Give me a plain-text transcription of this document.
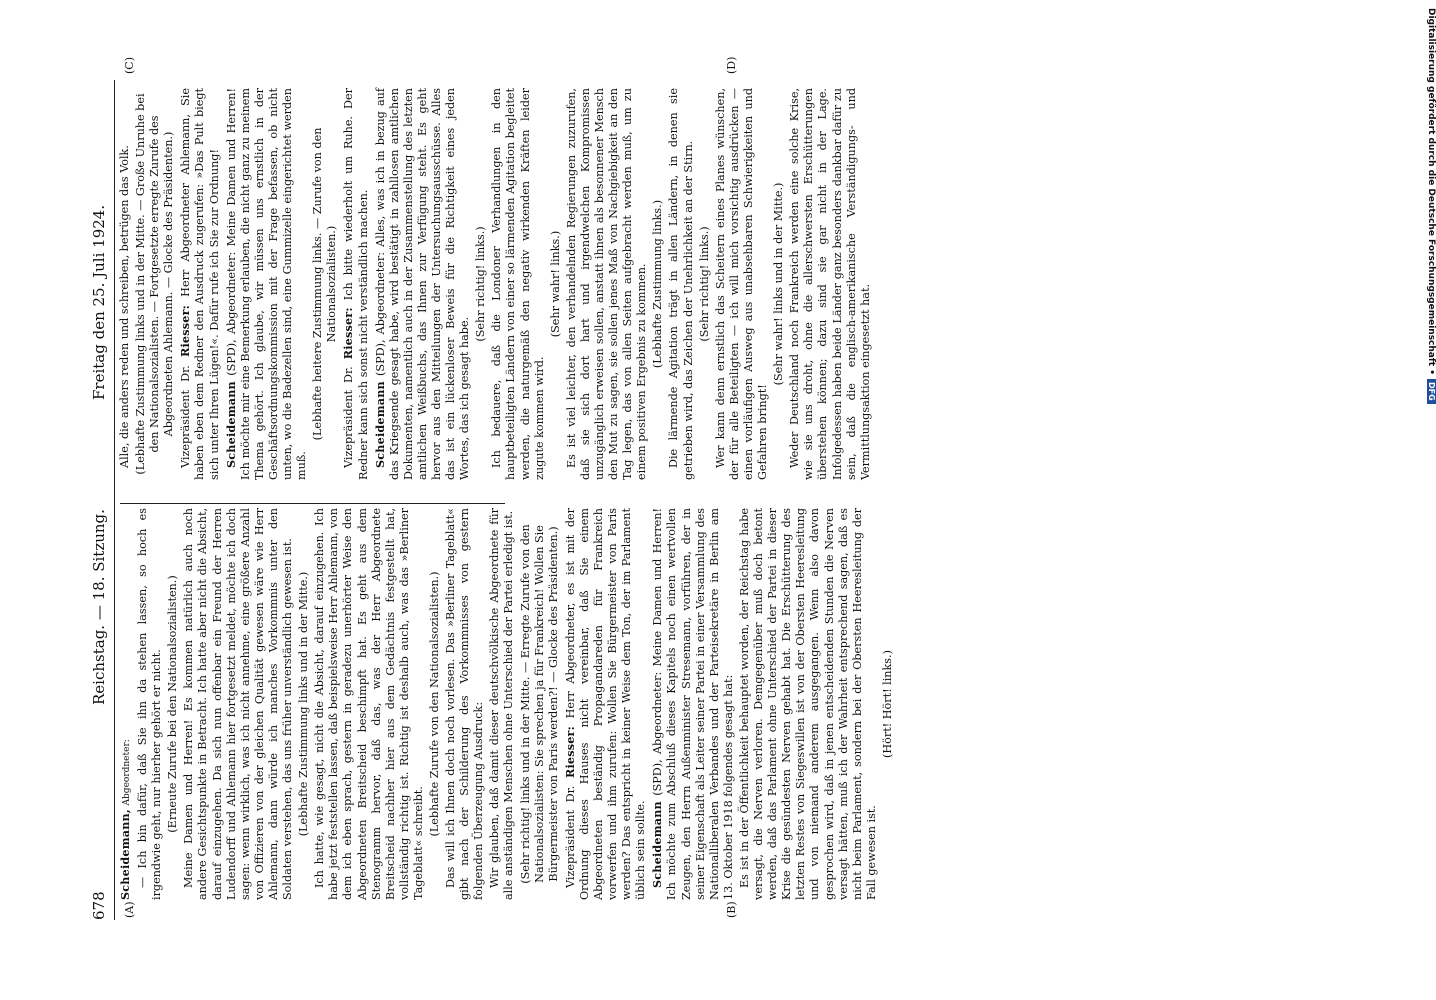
678
Reichstag. — 18. Sitzung.
Freitag den 25. Juli 1924.
(A)	(B)
(C)	(D)

Scheidemann, Abgeordneter: — Ich bin dafür, daß Sie ihn da stehen lassen, so hoch es irgendwie geht, nur hierher gehört er nicht. (Erneute Zurufe bei den Nationalsozialisten.) Meine Damen und Herren! Es kommen natürlich auch noch andere Gesichtspunkte in Betracht. Ich hatte aber nicht die Absicht, darauf einzugehen. Da sich nun offenbar ein Freund der Herren Ludendorff und Ahlemann hier fortgesetzt meldet, möchte ich doch sagen: wenn wirklich, was ich nicht annehme, eine größere Anzahl von Offizieren von der gleichen Qualität gewesen wäre wie Herr Ahlemann, dann würde ich manches Vorkommnis unter den Soldaten verstehen, das uns früher unverständlich gewesen ist. (Lebhafte Zustimmung links und in der Mitte.) Ich hatte, wie gesagt, nicht die Absicht, darauf einzugehen. Ich habe jetzt feststellen lassen, daß beispielsweise Herr Ahlemann, von dem ich eben sprach, gestern in geradezu unerhörter Weise den Abgeordneten Breitscheid beschimpft hat. Es geht aus dem Stenogramm hervor, daß das, was der Herr Abgeordnete Breitscheid nachher hier aus dem Gedächtnis festgestellt hat, vollständig richtig ist. Richtig ist deshalb auch, was das »Berliner Tageblatt« schreibt.

(Lebhafte Zurufe von den Nationalsozialisten.) Das will ich Ihnen doch noch vorlesen. Das »Berliner Tageblatt« gibt nach der Schilderung des Vorkommnisses von gestern folgenden Überzeugung Ausdruck: Wir glauben, daß damit dieser deutschvölkische Abgeordnete für alle anständigen Menschen ohne Unterschied der Partei erledigt ist. (Sehr richtig! links und in der Mitte. — Erregte Zurufe von den Nationalsozialisten: Sie sprechen ja für Frankreich! Wollen Sie Bürgermeister von Paris werden?! — Glocke des Präsidenten.) Vizepräsident Dr. Riesser: Herr Abgeordneter, es ist mit der Ordnung dieses Hauses nicht vereinbar, daß Sie einem Abgeordneten beständig Propagandareden für Frankreich vorwerfen und ihm zurufen: Wollen Sie Bürgermeister von Paris werden? Das entspricht in keiner Weise dem Ton, der im Parlament üblich sein sollte. Scheidemann (SPD), Abgeordneter: Meine Damen und Herren! Ich möchte zum Abschluß dieses Kapitels noch einen wertvollen Zeugen, den Herrn Außenminister Stresemann, vorführen, der in seiner Eigenschaft als Leiter seiner Partei in einer Versammlung des Nationalliberalen Verbandes und der Parteisekretäre in Berlin am 13. Oktober 1918 folgendes gesagt hat: Es ist in der Öffentlichkeit behauptet worden, der Reichstag habe versagt, die Nerven verloren. Demgegenüber muß doch betont werden, daß das Parlament ohne Unterschied der Partei in dieser Krise die gesündesten Nerven gehabt hat. Die Erschütterung des letzten Restes von Siegeswillen ist von der Obersten Heeresleitung und von niemand anderem ausgegangen. Wenn also davon gesprochen wird, daß in jenen entscheidenden Stunden die Nerven versagt hätten, muß ich der Wahrheit entsprechend sagen, daß es nicht beim Parlament, sondern bei der Obersten Heeresleitung der Fall gewesen ist.

(Hört! Hört! links.)

Alle, die anders reden und schreiben, betrügen das Volk. (Lebhafte Zustimmung links und in der Mitte. — Große Unruhe bei den Nationalsozialisten. — Fortgesetzte erregte Zurufe des Abgeordneten Ahlemann. — Glocke des Präsidenten.) Vizepräsident Dr. Riesser: Herr Abgeordneter Ahlemann, Sie haben eben dem Redner den Ausdruck zugerufen: »Das Pult biegt sich unter Ihren Lügen!«. Dafür rufe ich Sie zur Ordnung! Scheidemann (SPD), Abgeordneter: Meine Damen und Herren! Ich möchte mir eine Bemerkung erlauben, die nicht ganz zu meinem Thema gehört. Ich glaube, wir müssen uns ernstlich in der Geschäftsordnungskommission mit der Frage befassen, ob nicht unten, wo die Badezellen sind, eine Gummizelle eingerichtet werden muß.

(Lebhafte heitere Zustimmung links. — Zurufe von den Nationalsozialisten.)

Vizepräsident Dr. Riesser: Ich bitte wiederholt um Ruhe. Der Redner kann sich sonst nicht verständlich machen. Scheidemann (SPD), Abgeordneter: Alles, was ich in bezug auf das Kriegsende gesagt habe, wird bestätigt in zahllosen amtlichen Dokumenten, namentlich auch in der Zusammenstellung des letzten amtlichen Weißbuchs, das Ihnen zur Verfügung steht. Es geht hervor aus den Mitteilungen der Untersuchungsausschüsse. Alles das ist ein lückenloser Beweis für die Richtigkeit eines jeden Wortes, das ich gesagt habe.

(Sehr richtig! links.) Ich bedauere, daß die Londoner Verhandlungen in den hauptbeteiligten Ländern von einer so lärmenden Agitation begleitet werden, die naturgemäß den negativ wirkenden Kräften leider zugute kommen wird.

(Sehr wahr! links.) Es ist viel leichter, den verhandelnden Regierungen zuzurufen, daß sie sich dort hart und irgendwelchen Kompromissen unzugänglich erweisen sollen, anstatt ihnen als besonnener Mensch den Mut zu sagen, sie sollen jenes Maß von Nachgiebigkeit an den Tag legen, das von allen Seiten aufgebracht werden muß, um zu einem positiven Ergebnis zu kommen. (Lebhafte Zustimmung links.) Die lärmende Agitation trägt in allen Ländern, in denen sie getrieben wird, das Zeichen der Unehrlichkeit an der Stirn. (Sehr richtig! links.) Wer kann denn ernstlich das Scheitern eines Planes wünschen, der für alle Beteiligten — ich will mich vorsichtig ausdrücken — einen vorläufigen Ausweg aus unabsehbaren Schwierigkeiten und Gefahren bringt!

(Sehr wahr! links und in der Mitte.) Weder Deutschland noch Frankreich werden eine solche Krise, wie sie uns droht, ohne die allerschwersten Erschütterungen überstehen können; dazu sind sie gar nicht in der Lage. Infolgedessen haben beide Länder ganz besonders dankbar dafür zu sein, daß die englisch-amerikanische Verständigungs- und Vermittlungsaktion eingesetzt hat.

Digitalisierung gefördert durch die Deutsche Forschungsgemeinschaft •DFG
